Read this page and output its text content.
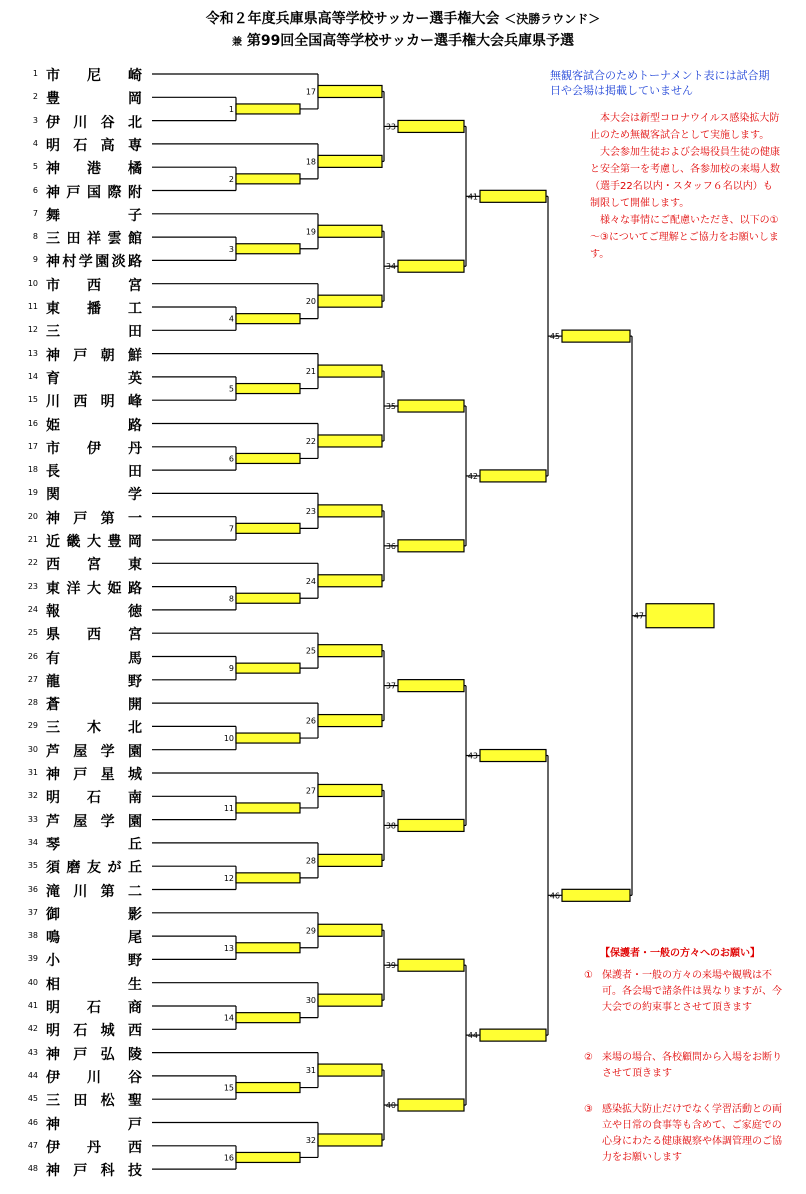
令和２年度兵庫県高等学校サッカー選手権大会 ＜決勝ラウンド＞
兼 第99回全国高等学校サッカー選手権大会兵庫県予選
1 市尼崎
2 豊岡
3 伊川谷北
4 明石高専
5 神港橘
6 神戸国際附
7 舞子
8 三田祥雲館
9 神村学園淡路
10 市西宮
11 東播工
12 三田
13 神戸朝鮮
14 育英
15 川西明峰
16 姫路
17 市伊丹
18 長田
19 関学
20 神戸第一
21 近畿大豊岡
22 西宮東
23 東洋大姫路
24 報徳
25 県西宮
26 有馬
27 龍野
28 蒼開
29 三木北
30 芦屋学園
31 神戸星城
32 明石南
33 芦屋学園
34 琴丘
35 須磨友が丘
36 滝川第二
37 御影
38 鳴尾
39 小野
40 相生
41 明石商
42 明石城西
43 神戸弘陵
44 伊川谷
45 三田松聖
46 神戸
47 伊丹西
48 神戸科技
1
2
3
4
5
6
7
8
9
10
11
12
13
14
15
16
17
18
19
20
21
22
23
24
25
26
27
28
29
30
31
32
33
34
35
36
37
38
39
40
41
42
43
44
45
46
47
無観客試合のためトーナメント表には試合期日や会場は掲載していません

本大会は新型コロナウイルス感染拡大防止のため無観客試合として実施します。

大会参加生徒および会場役員生徒の健康と安全第一を考慮し、各参加校の来場人数（選手22名以内・スタッフ６名以内）も制限して開催します。

様々な事情にご配慮いただき、以下の①～③についてご理解とご協力をお願いします。

【保護者・一般の方々へのお願い】
① 保護者・一般の方々の来場や観戦は不可。各会場で諸条件は異なりますが、今大会での約束事とさせて頂きます
② 来場の場合、各校顧問から入場をお断りさせて頂きます
③ 感染拡大防止だけでなく学習活動との両立や日常の食事等も含めて、ご家庭での心身にわたる健康観察や体調管理のご協力をお願いします
